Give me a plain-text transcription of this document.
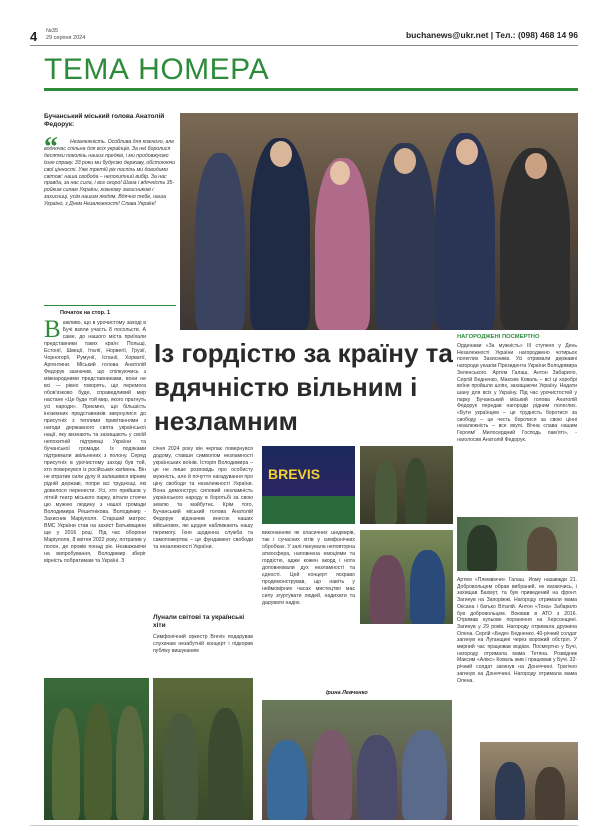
4 №35
29 серпня 2024	buchanews@ukr.net | Тел.: (098) 468 14 96
ТЕМА НОМЕРА
Бучанський міський голова Анатолій Федорук:
“	Незалежність. Особлива для кожного, але водночас спільна для всіх українців. За неї боролися десятки поколінь наших предків, і ми продовжуємо їхню справу. 33 роки ми будуємо державу, обстоюючи свої цінності. Уже третій рік поспіль ми доводимо світові: наша свобода – непохитний вибір. За нас правда, за нас сила, і все скоро! Шана і вдячність 35-ройким силам України, кожному захисникові і захисниці, усім нашим людям. Вдячно тебе, наша Україно, з Днем Незалежності! Слава Україні!
Початок на стор. 1
Важливо, що в урочистому заході в Бучі взяли участь 8 посольств. А саме, до нашого міста приїхали представники таких країн: Польщі, Естонії, Швеції, Італії, Норвегії, Грузії, Чорногорії, Румунії, Іспанії, Хорватії, Аргентини. Міський голова Анатолій Федорук зазначив, що спілкуючись з міжнародними представниками, вони не всі — рівно говорять, що перемога обов'язково буде, справедливий мир настане «Це буде той мир, якого прагнуть усі народи». Приємно, що більшість іноземних представників звернулися до присутніх з теплими привітаннями з нагоди державного свята української нації, яку визнають та захищають у своїй непохитній підтримці України та бучанської громади. Із подяками підтримали звільнених з полону. Серед присутніх в урочистому заході був той, хто повернувся із російських катівень. Він не втратив сили духу й залишився вірним рідній державі, попри всі труднощі, які довелося перенести. Усі, хто прийшов у літній театр міського парку, вітали стоячи цю мужню людину з нашої громади Володимира Решетнікова. Володимир - Захисник Маріуполя. Старший матрос ВМС України став на захист Батьківщини ще у 2016 році. Під час оборони Маріуполя, 8 квітня 2022 року, потрапив у полон, де провів понад рік. Незважаючи на випробування, Володимир зберіг вірність побратимам та Україні. З
Із гордістю за країну та вдячністю вільним і незламним
НАГОРОДЖЕНІ ПОСМЕРТНО
Орденами «За мужність» III ступеня у День Незалежності України нагороджено чотирьох полеглих Захисників. Усі отримали державні нагороди указом Президента України Володимира Зеленського. Артем Галаш, Антон Забарило, Сергій Бедненко, Максим Коваль – всі ці хоробрі воїни пройшли шлях, захищаючи Україну. Надати шану для всіх у Україну. Під час урочистостей у парку Бучанський міський голова Анатолій Федорук передав нагороди рідним полеглих. «Бути українцем – це трудність боротися за свободу – це честь боротися за свою цінні незалежність – все вкупі. Вічна слава нашим Героям! Милосердний Господь пам'яті», - наголосив Анатолій Федорук.
Артем «Племвінчи» Галаш. Йому назавжди 21. Добровольцем обрав вибраний, не вагаючись, і захищав Бахмут, та був приведений на фронт. Загинув на Запоріжжі. Нагороду отримали мама Оксана і батько Віталій. Антон «Тоха» Забарило був добровольцем. Воював в АТО з 2016. Отримав кульове поранення на Херсонщині. Загинув у 29 років. Нагороду отримала дружина Олена. Сергій «Бедя» Бедненко. 40-річний солдат загинув на Луганщині через ворожий обстріл. У мирний час працював водієм. Посмертно у Бучі, нагороду отримала мама Тетяна. Розвідник Максим «Алікс» Коваль жив і працював у Бучі. 32-річний солдат загинув на Донеччині. Трагічно загинув на Донеччині. Нагороду отримала мама Олена.
січня 2024 року він черпає повернувся додому, ставши символом незламності українських воїнів. Історія Володимира – це не лише розповідь про особисту мужність, але й почуття нагадування про ціну свободи та незалежності України. Вона демонструє силовий незламність українського народу в боротьбі за свою землю та майбутнє. Крім того, Бучанський міський голова Анатолій Федорук відзначив внесок наших військових, які щодня наближають нашу перемогу. Їхня щоденна служба та самопожертва – це фундамент свободи та незалежності України.
Лунали світові та українські хіти
Симфонічний оркестр Brevis подарував слухачам незабутній концерт і підкорив публіку вишуканим
BREVIS
виконанням як класичних шедеврів, так і сучасних хітів у симфонічних обробках. У залі панувала неповторна атмосфера, наповнена емоціями та гордістю, адже кожен акорд і нота доповнювали дух незламності та єдності. Цей концерт яскраво продемонстрував, що навіть у неймовірних часах мистецтво має силу згуртувати людей, надихати та дарувати надію.
Ірина Левченко
